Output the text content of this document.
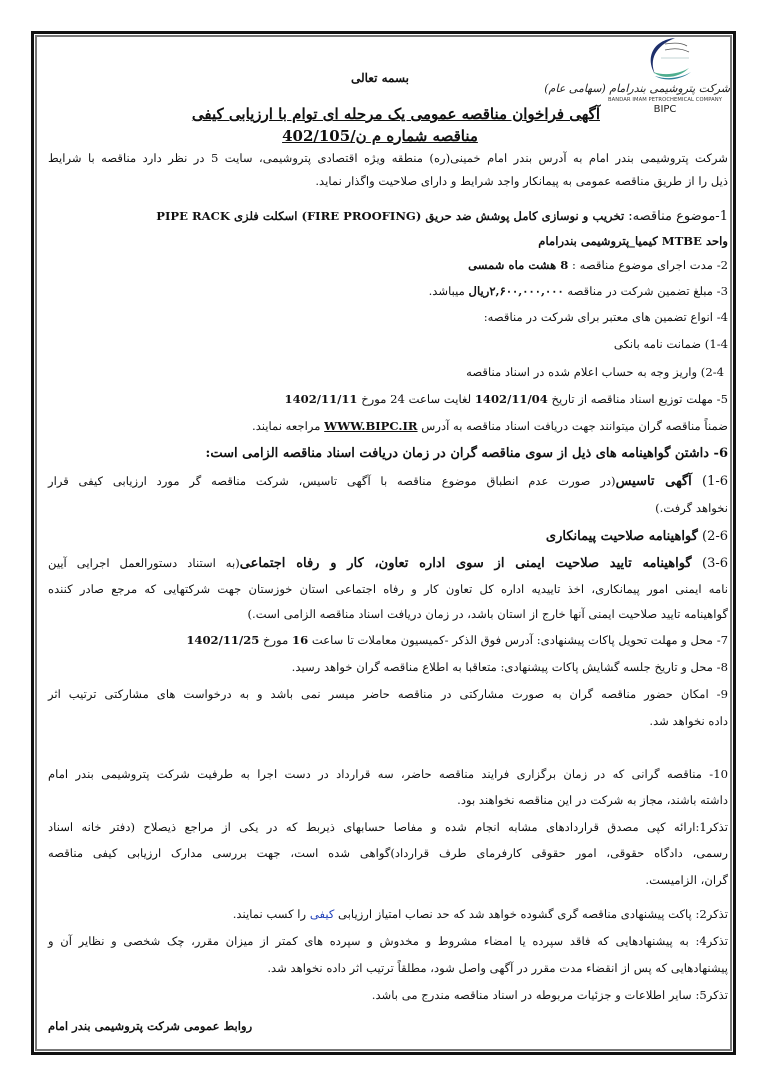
شرکت پتروشیمی بندرامام (سهامی عام)
BANDAR IMAM PETROCHEMICAL COMPANY
BIPC
بسمه تعالی
آگهی فراخوان مناقصه عمومی یک مرحله ای توام با ارزیابی کیفی
مناقصه شماره م ن/402/105
شرکت پتروشیمی بندر امام به آدرس بندر امام خمینی(ره) منطقه ویژه اقتصادی پتروشیمی، سایت 5 در نظر دارد مناقصه با شرایط
ذیل را از طریق مناقصه عمومی به پیمانکار واجد شرایط و دارای صلاحیت واگذار نماید.
1-موضوع مناقصه: تخریب و نوسازی کامل پوشش ضد حریق (FIRE PROOFING) اسکلت فلزی PIPE RACK
واحد MTBE کیمیا_پتروشیمی بندرامام
2- مدت اجرای موضوع مناقصه : 8 هشت ماه شمسی
3- مبلغ تضمین شرکت در مناقصه ۲,۶۰۰,۰۰۰,۰۰۰ریال میباشد.
4- انواع تضمین های معتبر برای شرکت در مناقصه:
1-4) ضمانت نامه بانکی
2-4) واریز وجه به حساب اعلام شده در اسناد مناقصه
5- مهلت توزیع اسناد مناقصه از تاریخ 1402/11/04 لغایت ساعت 24 مورخ 1402/11/11
ضمناً مناقصه گران میتوانند جهت دریافت اسناد مناقصه به آدرس WWW.BIPC.IR مراجعه نمایند.
6- داشتن گواهینامه های ذیل از سوی مناقصه گران در زمان دریافت اسناد مناقصه الزامی است:
1-6) آگهی تاسیس(در صورت عدم انطباق موضوع مناقصه با آگهی تاسیس، شرکت مناقصه گر مورد ارزیابی کیفی قرار
نخواهد گرفت.)
2-6) گواهینامه صلاحیت پیمانکاری
3-6) گواهینامه تایید صلاحیت ایمنی از سوی اداره تعاون، کار و رفاه اجتماعی(به استناد دستورالعمل اجرایی آیین
نامه ایمنی امور پیمانکاری، اخذ تاییدیه اداره کل تعاون کار و رفاه اجتماعی استان خوزستان جهت شرکتهایی که مرجع صادر کننده
گواهینامه تایید صلاحیت ایمنی آنها خارج از استان باشد، در زمان دریافت اسناد مناقصه الزامی است.)
7- محل و مهلت تحویل پاکات پیشنهادی: آدرس فوق الذکر -کمیسیون معاملات تا ساعت 16 مورخ 1402/11/25
8- محل و تاریخ جلسه گشایش پاکات پیشنهادی: متعاقبا به اطلاع مناقصه گران خواهد رسید.
9- امکان حضور مناقصه گران به صورت مشارکتی در مناقصه حاضر میسر نمی باشد و به درخواست های مشارکتی ترتیب اثر
داده نخواهد شد.
10- مناقصه گرانی که در زمان برگزاری فرایند مناقصه حاضر، سه قرارداد در دست اجرا به طرفیت شرکت پتروشیمی بندر امام
داشته باشند، مجاز به شرکت در این مناقصه نخواهند بود.
تذکر1:ارائه کپی مصدق قراردادهای مشابه انجام شده و مفاصا حسابهای ذیربط که در یکی از مراجع ذیصلاح (دفتر خانه اسناد
رسمی، دادگاه حقوقی، امور حقوقی کارفرمای طرف قرارداد)گواهی شده است، جهت بررسی مدارک ارزیابی کیفی مناقصه
گران، الزامیست.
تذکر2: پاکت پیشنهادی مناقصه گری گشوده خواهد شد که حد نصاب امتیاز ارزیابی کیفی را کسب نمایند.
تذکر4: به پیشنهادهایی که فاقد سپرده یا امضاء مشروط و مخدوش و سپرده های کمتر از میزان مقرر، چک شخصی و نظایر آن و
پیشنهادهایی که پس از انقضاء مدت مقرر در آگهی واصل شود، مطلقاً ترتیب اثر داده نخواهد شد.
تذکر5: سایر اطلاعات و جزئیات مربوطه در اسناد مناقصه مندرج می باشد.
روابط عمومی شرکت پتروشیمی بندر امام
